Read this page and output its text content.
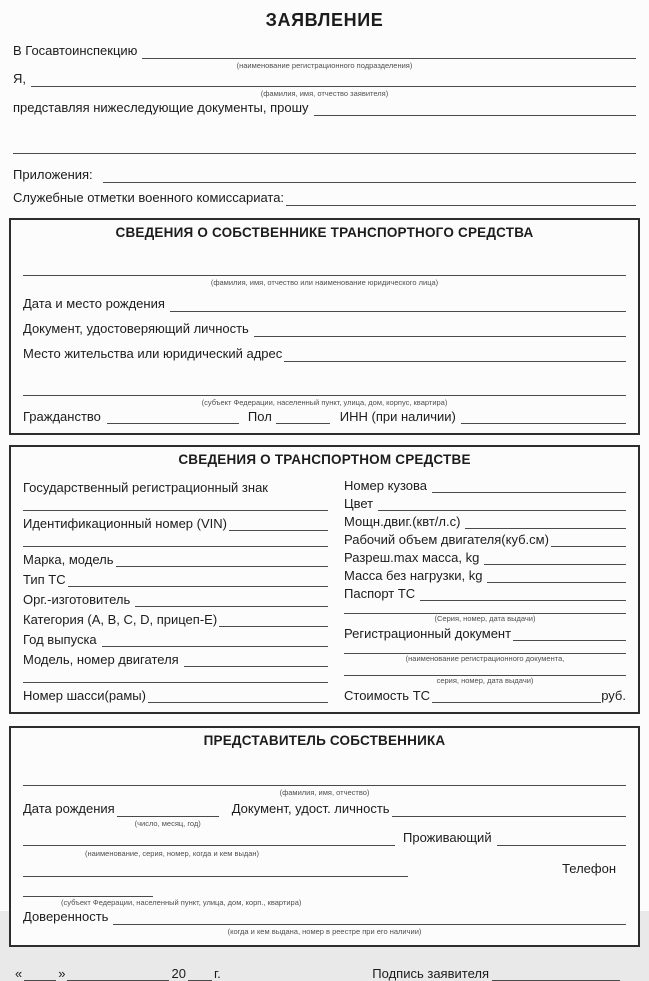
ЗАЯВЛЕНИЕ
В Госавтоинспекцию
(наименование регистрационного подразделения)
Я,
(фамилия, имя, отчество заявителя)
представляя нижеследующие документы, прошу
Приложения:
Служебные отметки военного комиссариата:
СВЕДЕНИЯ О СОБСТВЕННИКЕ ТРАНСПОРТНОГО СРЕДСТВА
(фамилия, имя, отчество или наименование юридического лица)
Дата и место рождения
Документ, удостоверяющий личность
Место жительства или юридический адрес
(субъект Федерации, населенный пункт, улица, дом, корпус, квартира)
Гражданство	Пол	ИНН (при наличии)
СВЕДЕНИЯ О ТРАНСПОРТНОМ СРЕДСТВЕ
Государственный регистрационный знак
Идентификационный номер (VIN)
Марка, модель
Тип ТС
Орг.-изготовитель
Категория (А, В, С, D, прицеп-Е)
Год выпуска
Модель, номер двигателя
Номер шасси(рамы)
Номер кузова
Цвет
Мощн.двиг.(квт/л.с)
Рабочий объем двигателя(куб.см)
Разреш.max масса, kg
Масса без нагрузки, kg
Паспорт ТС
(Серия, номер, дата выдачи)
Регистрационный документ
(наименование регистрационного документа,
серия, номер, дата выдачи)
Стоимость ТС	руб.
ПРЕДСТАВИТЕЛЬ СОБСТВЕННИКА
(фамилия, имя, отчество)
Дата рождения
(число, месяц, год)
Документ, удост. личность
Проживающий
(наименование, серия, номер, когда и кем выдан)
Телефон
(субъект Федерации, населенный пункт, улица, дом, корп., квартира)
Доверенность
(когда и кем выдана, номер в реестре при его наличии)
«	»	20 г.	Подпись заявителя
